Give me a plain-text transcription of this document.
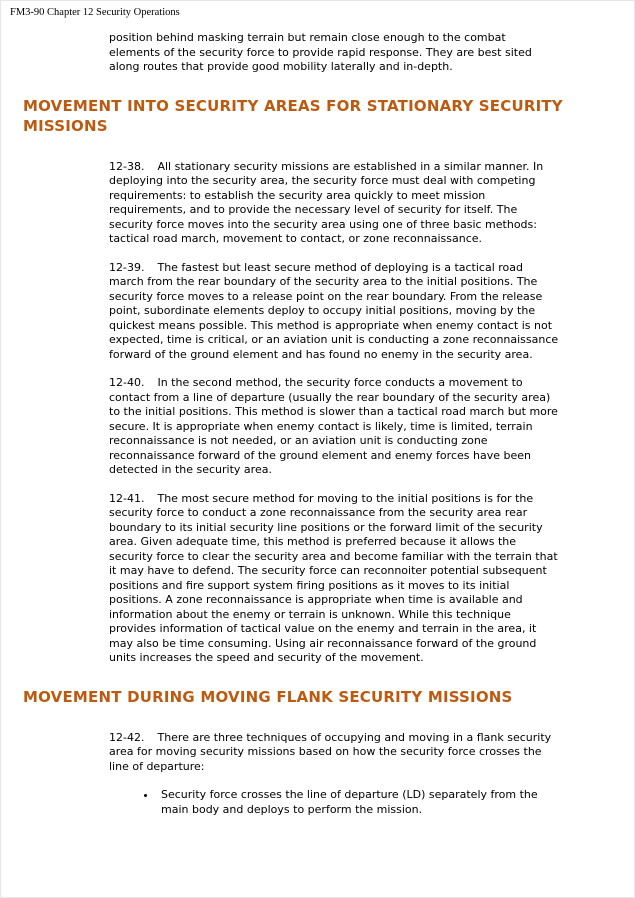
FM3-90 Chapter 12 Security Operations

position behind masking terrain but remain close enough to the combat elements of the security force to provide rapid response. They are best sited along routes that provide good mobility laterally and in-depth.

MOVEMENT INTO SECURITY AREAS FOR STATIONARY SECURITY MISSIONS

12-38. All stationary security missions are established in a similar manner. In deploying into the security area, the security force must deal with competing requirements: to establish the security area quickly to meet mission requirements, and to provide the necessary level of security for itself. The security force moves into the security area using one of three basic methods: tactical road march, movement to contact, or zone reconnaissance.

12-39. The fastest but least secure method of deploying is a tactical road march from the rear boundary of the security area to the initial positions. The security force moves to a release point on the rear boundary. From the release point, subordinate elements deploy to occupy initial positions, moving by the quickest means possible. This method is appropriate when enemy contact is not expected, time is critical, or an aviation unit is conducting a zone reconnaissance forward of the ground element and has found no enemy in the security area.

12-40. In the second method, the security force conducts a movement to contact from a line of departure (usually the rear boundary of the security area) to the initial positions. This method is slower than a tactical road march but more secure. It is appropriate when enemy contact is likely, time is limited, terrain reconnaissance is not needed, or an aviation unit is conducting zone reconnaissance forward of the ground element and enemy forces have been detected in the security area.

12-41. The most secure method for moving to the initial positions is for the security force to conduct a zone reconnaissance from the security area rear boundary to its initial security line positions or the forward limit of the security area. Given adequate time, this method is preferred because it allows the security force to clear the security area and become familiar with the terrain that it may have to defend. The security force can reconnoiter potential subsequent positions and fire support system firing positions as it moves to its initial positions. A zone reconnaissance is appropriate when time is available and information about the enemy or terrain is unknown. While this technique provides information of tactical value on the enemy and terrain in the area, it may also be time consuming. Using air reconnaissance forward of the ground units increases the speed and security of the movement.

MOVEMENT DURING MOVING FLANK SECURITY MISSIONS

12-42. There are three techniques of occupying and moving in a flank security area for moving security missions based on how the security force crosses the line of departure:

• Security force crosses the line of departure (LD) separately from the main body and deploys to perform the mission.
